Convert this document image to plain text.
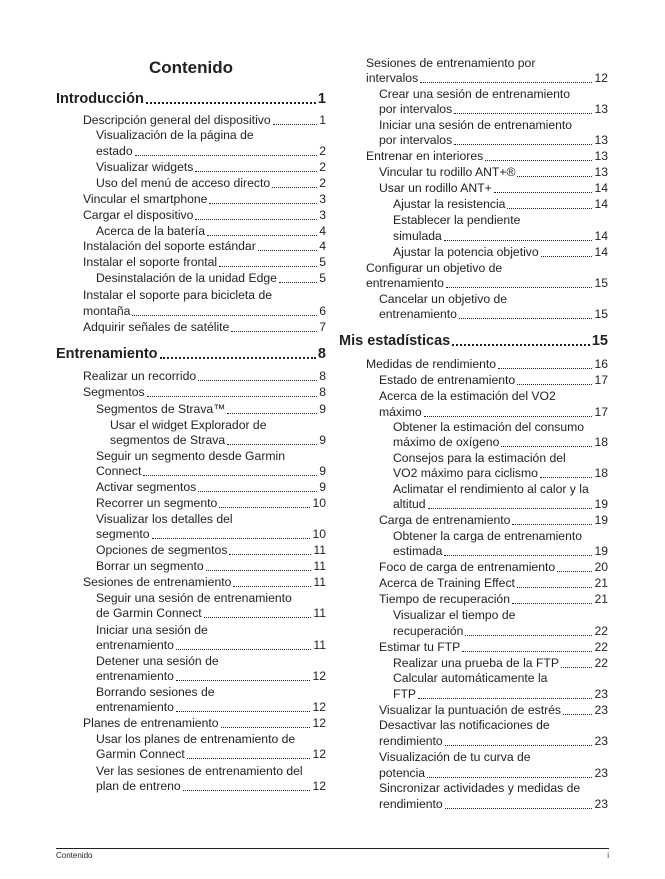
Contenido
Introducción	1
Descripción general del dispositivo	1
Visualización de la página de
estado	2
Visualizar widgets	2
Uso del menú de acceso directo	2
Vincular el smartphone	3
Cargar el dispositivo	3
Acerca de la batería	4
Instalación del soporte estándar	4
Instalar el soporte frontal	5
Desinstalación de la unidad Edge	5
Instalar el soporte para bicicleta de
montaña	6
Adquirir señales de satélite	7
Entrenamiento	8
Realizar un recorrido	8
Segmentos	8
Segmentos de Strava™	9
Usar el widget Explorador de
segmentos de Strava	9
Seguir un segmento desde Garmin
Connect	9
Activar segmentos	9
Recorrer un segmento	10
Visualizar los detalles del
segmento	10
Opciones de segmentos	11
Borrar un segmento	11
Sesiones de entrenamiento	11
Seguir una sesión de entrenamiento
de Garmin Connect	11
Iniciar una sesión de
entrenamiento	11
Detener una sesión de
entrenamiento	12
Borrando sesiones de
entrenamiento	12
Planes de entrenamiento	12
Usar los planes de entrenamiento de
Garmin Connect	12
Ver las sesiones de entrenamiento del
plan de entreno	12
Sesiones de entrenamiento por
intervalos	12
Crear una sesión de entrenamiento
por intervalos	13
Iniciar una sesión de entrenamiento
por intervalos	13
Entrenar en interiores	13
Vincular tu rodillo ANT+®	13
Usar un rodillo ANT+	14
Ajustar la resistencia	14
Establecer la pendiente
simulada	14
Ajustar la potencia objetivo	14
Configurar un objetivo de
entrenamiento	15
Cancelar un objetivo de
entrenamiento	15
Mis estadísticas	15
Medidas de rendimiento	16
Estado de entrenamiento	17
Acerca de la estimación del VO2
máximo	17
Obtener la estimación del consumo
máximo de oxígeno	18
Consejos para la estimación del
VO2 máximo para ciclismo	18
Aclimatar el rendimiento al calor y la
altitud	19
Carga de entrenamiento	19
Obtener la carga de entrenamiento
estimada	19
Foco de carga de entrenamiento	20
Acerca de Training Effect	21
Tiempo de recuperación	21
Visualizar el tiempo de
recuperación	22
Estimar tu FTP	22
Realizar una prueba de la FTP	22
Calcular automáticamente la
FTP	23
Visualizar la puntuación de estrés	23
Desactivar las notificaciones de
rendimiento	23
Visualización de tu curva de
potencia	23
Sincronizar actividades y medidas de
rendimiento	23
Contenido	i
